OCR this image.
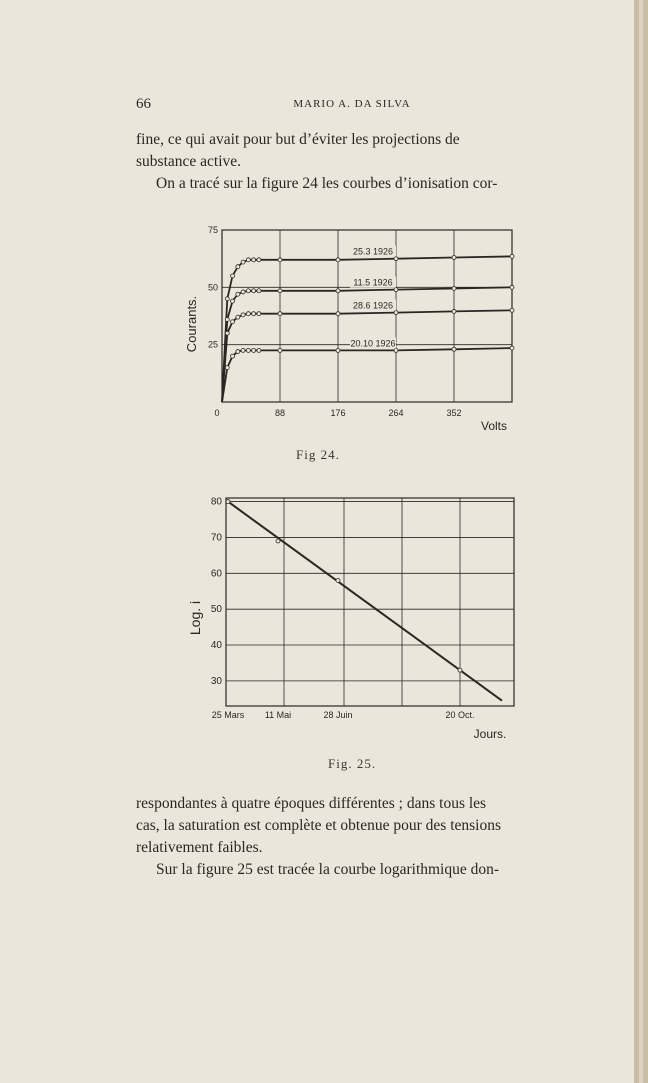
66	MARIO A. DA SILVA

fine, ce qui avait pour but d’éviter les projections de

substance active.

On a tracé sur la figure 24 les courbes d’ionisation cor-

0	88	176	264	352
25
50
75
Volts
Courants.
25.3 1926
11.5 1926
28.6 1926
20.10 1926
Fig 24.
30
40
50
60
70
80
25 Mars 11 Mai	28 Juin	20 Oct.
Jours.
Log. i
Fig. 25.

respondantes à quatre époques différentes ; dans tous les

cas, la saturation est complète et obtenue pour des tensions

relativement faibles.

Sur la figure 25 est tracée la courbe logarithmique don-
